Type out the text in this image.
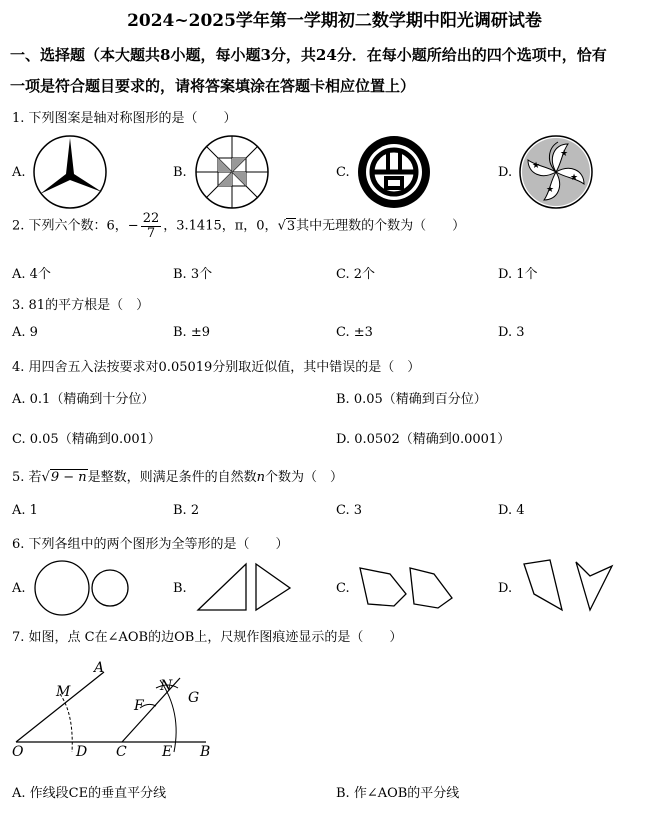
2024~2025学年第一学期初二数学期中阳光调研试卷
一、选择题（本大题共8小题，每小题3分，共24分．在每小题所给出的四个选项中，恰有
一项是符合题目要求的，请将答案填涂在答题卡相应位置上）
1. 下列图案是轴对称图形的是（　　）
A.	B.	C.	D.
★
★
★
★
2. 下列六个数：6，− $\frac{22}{7}$ ，3.1415，π，0，√3其中无理数的个数为（　　）
A. 4个	B. 3个	C. 2个	D. 1个
3. 81的平方根是（　）
A. 9	B. ±9	C. ±3	D. 3
4. 用四舍五入法按要求对0.05019分别取近似值，其中错误的是（　）
A. 0.1（精确到十分位）	B. 0.05（精确到百分位）
C. 0.05（精确到0.001）	D. 0.0502（精确到0.0001）
5. 若√9 − n是整数，则满足条件的自然数n个数为（　）
A. 1	B. 2	C. 3	D. 4
6. 下列各组中的两个图形为全等形的是（　　）
A.	B.	C.	D.
7. 如图，点 C在∠AOB的边OB上，尺规作图痕迹显示的是（　　）
A
M	N
G
F
O	D C	E B
A. 作线段CE的垂直平分线	B. 作∠AOB的平分线
